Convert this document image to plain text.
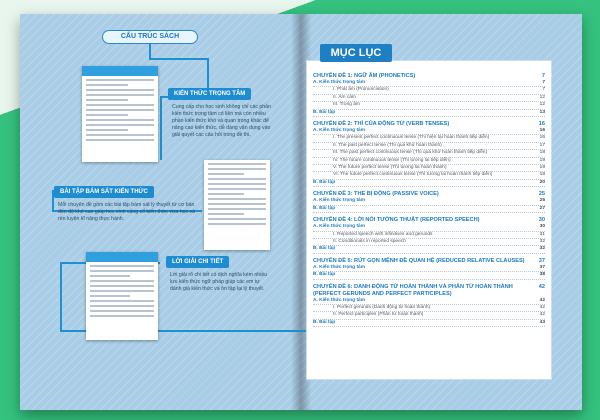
CẤU TRÚC SÁCH
KIẾN THỨC TRỌNG TÂM
Cung cấp cho học sinh không chỉ các phần kiến thức trọng tâm có liên mà còn nhiều phần kiến thức khó và quan trọng khác để nâng cao kiến thức, dễ dàng vận dụng vào giải quyết các câu hỏi trong đề thi.
BÀI TẬP BÁM SÁT KIẾN THỨC
Mỗi chuyên đề gồm các bài tập bám sát lý thuyết từ cơ bản đến độ khó cao giúp học sinh củng cố kiến thức vừa học và rèn luyện kĩ năng thực hành.
LỜI GIẢI CHI TIẾT
Lời giải rõ chi tiết có dịch nghĩa kèm nhiều lưu kiến thức ngữ pháp giúp các em tự đánh giá kiến thức và ôn tập lại lý thuyết.
CHUYÊN ĐỀ 1: NGỮ ÂM (PHONETICS)	7
A. Kiến thức trọng tâm	7
I. Phát âm (Pronunciation)	7
II. Âm câm	12
III. Trọng âm	12
B. Bài tập	13
CHUYÊN ĐỀ 2: THÌ CỦA ĐỘNG TỪ (VERB TENSES)	16
A. Kiến thức trọng tâm	16
I. The present perfect continuous tense (Thì hiện tại hoàn thành tiếp diễn)	16
II. The past perfect tense (Thì quá khứ hoàn thành)	17
III. The past perfect continuous tense (Thì quá khứ hoàn thành tiếp diễn)	18
IV. The future continuous tense (Thì tương lai tiếp diễn)	19
V. The future perfect tense (Thì tương lai hoàn thành)	19
VI. The future perfect continuous tense (Thì tương lai hoàn thành tiếp diễn)	19
B. Bài tập	20
CHUYÊN ĐỀ 3: THỂ BỊ ĐỘNG (PASSIVE VOICE)	25
A. Kiến thức trọng tâm	25
B. Bài tập	27
CHUYÊN ĐỀ 4: LỜI NÓI TƯỜNG THUẬT (REPORTED SPEECH)	30
A. Kiến thức trọng tâm	30
I. Reported speech with infinitives and gerunds	31
II. Conditionals in reported speech	32
B. Bài tập	32
CHUYÊN ĐỀ 5: RÚT GỌN MỆNH ĐỀ QUAN HỆ (REDUCED RELATIVE CLAUSES)	37
A. Kiến thức trọng tâm	37
B. Bài tập	38
CHUYÊN ĐỀ 6: DANH ĐỘNG TỪ HOÀN THÀNH VÀ PHÂN TỪ HOÀN THÀNH (PERFECT GERUNDS AND PERFECT PARTICIPLES)
42
A. Kiến thức trọng tâm	42
I. Perfect gerunds (Danh động từ hoàn thành)	42
II. Perfect participles (Phân từ hoàn thành)	42
B. Bài tập	43
MỤC LỤC
